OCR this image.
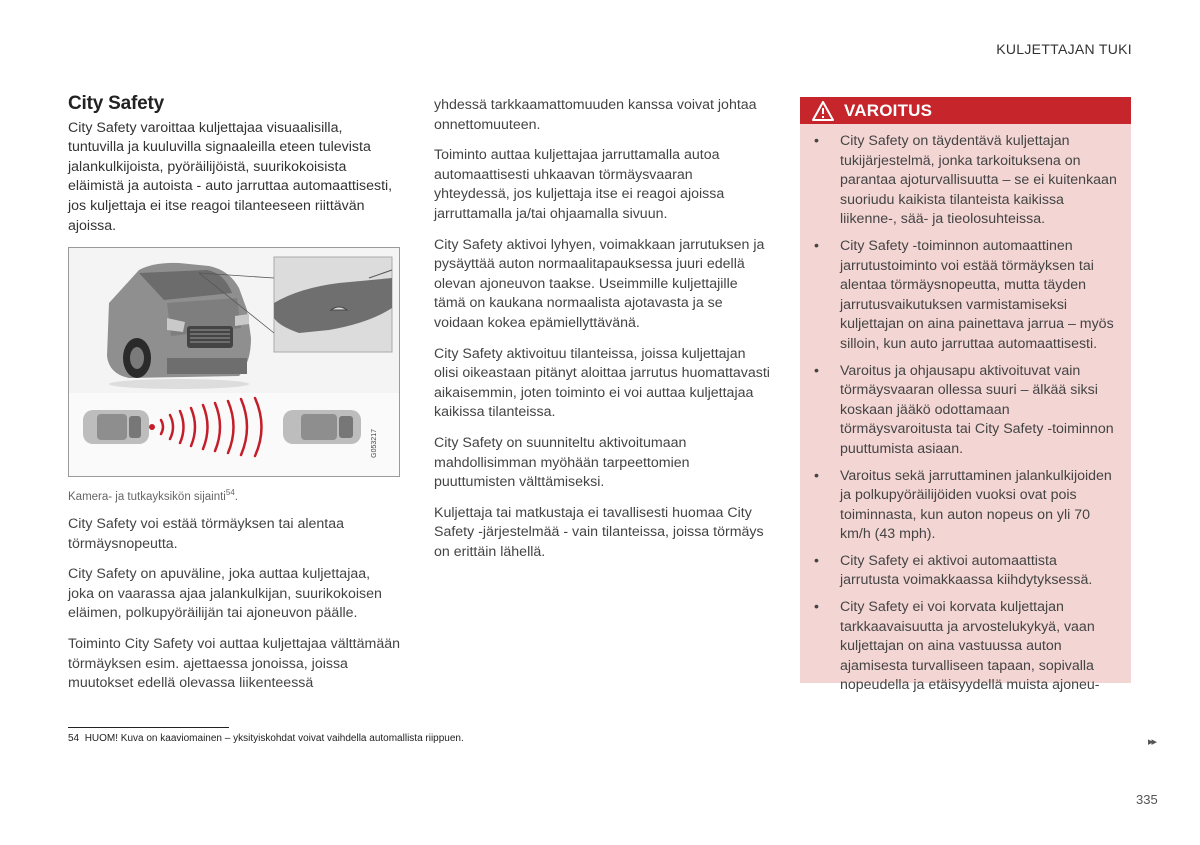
KULJETTAJAN TUKI
City Safety

City Safety varoittaa kuljettajaa visuaalisilla, tuntuvilla ja kuuluvilla signaaleilla eteen tulevista jalankulkijoista, pyöräilijöistä, suurikokoisista eläimistä ja autoista - auto jarruttaa automaattisesti, jos kuljettaja ei itse reagoi tilanteeseen riittävän ajoissa.

G053217

Kamera- ja tutkayksikön sijainti$^{54}$.

City Safety voi estää törmäyksen tai alentaa törmäysnopeutta.

City Safety on apuväline, joka auttaa kuljettajaa, joka on vaarassa ajaa jalankulkijan, suurikokoisen eläimen, polkupyöräilijän tai ajoneuvon päälle.

Toiminto City Safety voi auttaa kuljettajaa välttämään törmäyksen esim. ajettaessa jonoissa, joissa muutokset edellä olevassa liikenteessä

yhdessä tarkkaamattomuuden kanssa voivat johtaa onnettomuuteen.

Toiminto auttaa kuljettajaa jarruttamalla autoa automaattisesti uhkaavan törmäysvaaran yhteydessä, jos kuljettaja itse ei reagoi ajoissa jarruttamalla ja/tai ohjaamalla sivuun.

City Safety aktivoi lyhyen, voimakkaan jarrutuksen ja pysäyttää auton normaalitapauksessa juuri edellä olevan ajoneuvon taakse. Useimmille kuljettajille tämä on kaukana normaalista ajotavasta ja se voidaan kokea epämiellyttävänä.

City Safety aktivoituu tilanteissa, joissa kuljettajan olisi oikeastaan pitänyt aloittaa jarrutus huomattavasti aikaisemmin, joten toiminto ei voi auttaa kuljettajaa kaikissa tilanteissa.

City Safety on suunniteltu aktivoitumaan mahdollisimman myöhään tarpeettomien puuttumisten välttämiseksi.

Kuljettaja tai matkustaja ei tavallisesti huomaa City Safety -järjestelmää - vain tilanteissa, joissa törmäys on erittäin lähellä.

VAROITUS
• City Safety on täydentävä kuljettajan tukijärjestelmä, jonka tarkoituksena on parantaa ajoturvallisuutta – se ei kuitenkaan suoriudu kaikista tilanteista kaikissa liikenne-, sää- ja tieolosuhteissa.
• City Safety -toiminnon automaattinen jarrutustoiminto voi estää törmäyksen tai alentaa törmäysnopeutta, mutta täyden jarrutusvaikutuksen varmistamiseksi kuljettajan on aina painettava jarrua – myös silloin, kun auto jarruttaa automaattisesti.
• Varoitus ja ohjausapu aktivoituvat vain törmäysvaaran ollessa suuri – älkää siksi koskaan jääkö odottamaan törmäysvaroitusta tai City Safety -toiminnon puuttumista asiaan.
• Varoitus sekä jarruttaminen jalankulkijoiden ja polkupyöräilijöiden vuoksi ovat pois toiminnasta, kun auton nopeus on yli 70 km/h (43 mph).
• City Safety ei aktivoi automaattista jarrutusta voimakkaassa kiihdytyksessä.
• City Safety ei voi korvata kuljettajan tarkkaavaisuutta ja arvostelukykyä, vaan kuljettajan on aina vastuussa auton ajamisesta turvalliseen tapaan, sopivalla nopeudella ja etäisyydellä muista ajoneu-
54 HUOM! Kuva on kaaviomainen – yksityiskohdat voivat vaihdella automallista riippuen.	▸▸
335
